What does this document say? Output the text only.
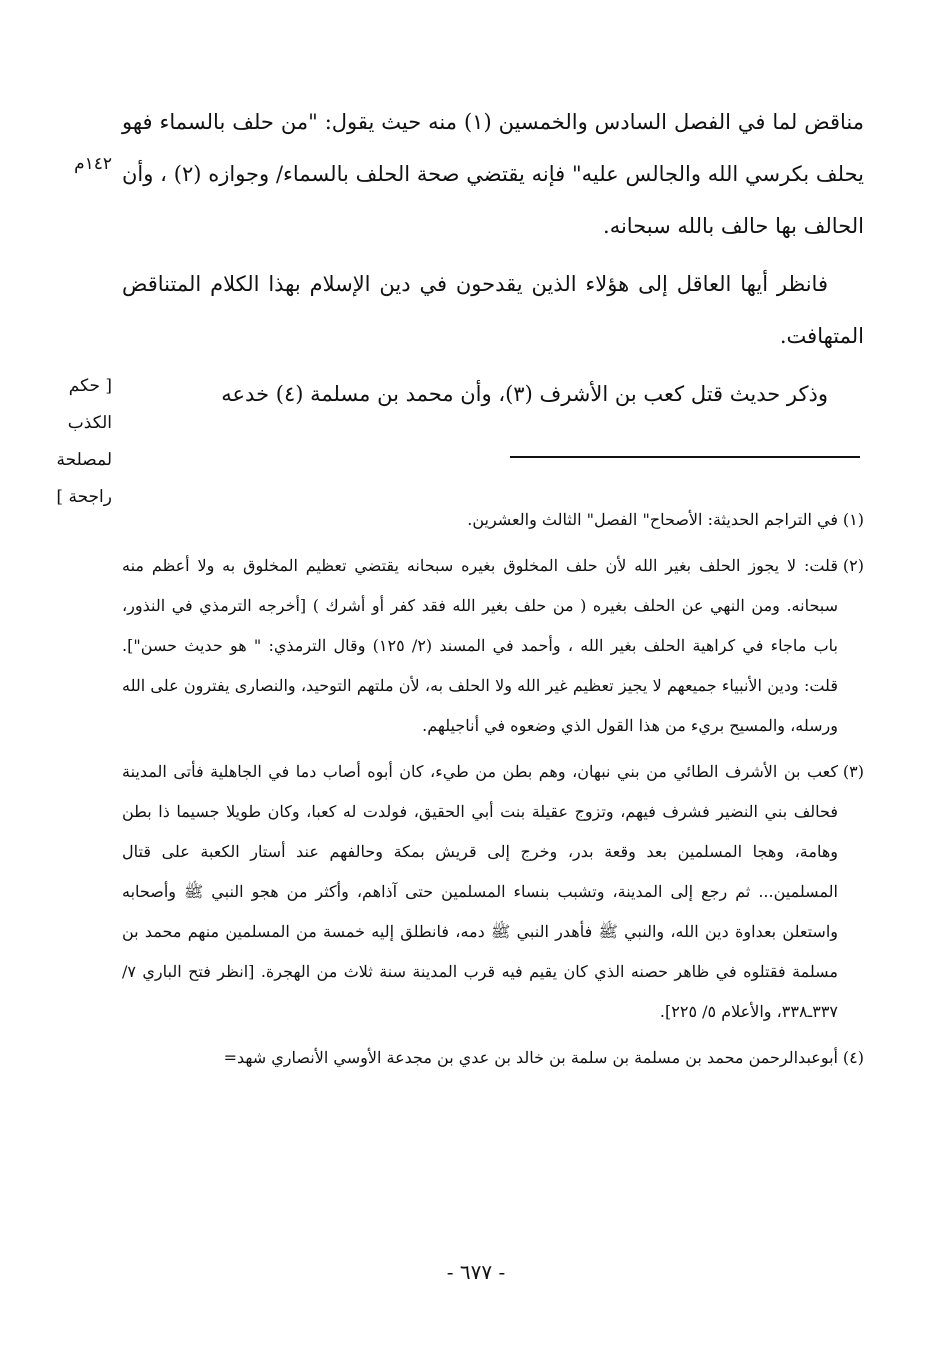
مناقض لما في الفصل السادس والخمسين (١) منه حيث يقول: "من حلف بالسماء فهو يحلف بكرسي الله والجالس عليه" فإنه يقتضي صحة الحلف بالسماء/ وجوازه (٢) ، وأن الحالف بها حالف بالله سبحانه.

فانظر أيها العاقل إلى هؤلاء الذين يقدحون في دين الإسلام بهذا الكلام المتناقض المتهافت.

وذكر حديث قتل كعب بن الأشرف (٣)، وأن محمد بن مسلمة (٤) خدعه

١٤٢م
[ حكم الكذب لمصلحة راجحة ]

(١)
في التراجم الحديثة: الأصحاح" الفصل" الثالث والعشرين.

(٢)
قلت: لا يجوز الحلف بغير الله لأن حلف المخلوق بغيره سبحانه يقتضي تعظيم المخلوق به ولا أعظم منه سبحانه. ومن النهي عن الحلف بغيره ( من حلف بغير الله فقد كفر أو أشرك ) [أخرجه الترمذي في النذور، باب ماجاء في كراهية الحلف بغير الله ، وأحمد في المسند (٢/ ١٢٥) وقال الترمذي: " هو حديث حسن"]. قلت: ودين الأنبياء جميعهم لا يجيز تعظيم غير الله ولا الحلف به، لأن ملتهم التوحيد، والنصارى يفترون على الله ورسله، والمسيح بريء من هذا القول الذي وضعوه في أناجيلهم.

(٣)
كعب بن الأشرف الطائي من بني نبهان، وهم بطن من طيء، كان أبوه أصاب دما في الجاهلية فأتى المدينة فحالف بني النضير فشرف فيهم، وتزوج عقيلة بنت أبي الحقيق، فولدت له كعبا، وكان طويلا جسيما ذا بطن وهامة، وهجا المسلمين بعد وقعة بدر، وخرج إلى قريش بمكة وحالفهم عند أستار الكعبة على قتال المسلمين... ثم رجع إلى المدينة، وتشبب بنساء المسلمين حتى آذاهم، وأكثر من هجو النبي ﷺ وأصحابه واستعلن بعداوة دين الله، والنبي ﷺ فأهدر النبي ﷺ دمه، فانطلق إليه خمسة من المسلمين منهم محمد بن مسلمة فقتلوه في ظاهر حصنه الذي كان يقيم فيه قرب المدينة سنة ثلاث من الهجرة. [انظر فتح الباري ٧/ ٣٣٧ـ٣٣٨، والأعلام ٥/ ٢٢٥].

(٤)
أبوعبدالرحمن محمد بن مسلمة بن سلمة بن خالد بن عدي بن مجدعة الأوسي الأنصاري شهد=

- ٦٧٧ -
